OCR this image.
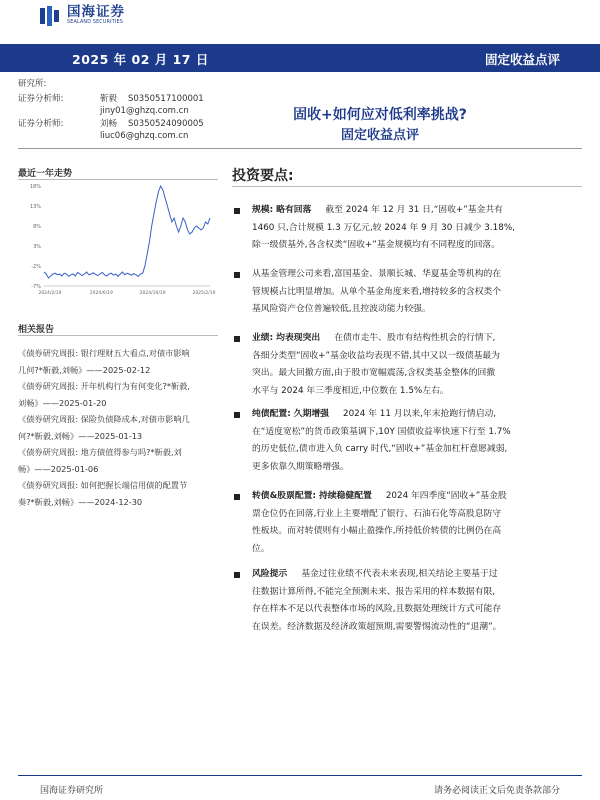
国海证券
SEALAND SECURITIES
2025 年 02 月 17 日	固定收益点评
研究所:
证券分析师:	靳毅 S0350517100001
jiny01@ghzq.com.cn
证券分析师:	刘畅 S0350524090005
liuc06@ghzq.com.cn
固收+如何应对低利率挑战?
固定收益点评
最近一年走势
18%
13%
8%
3%
-2%
-7%
2024/2/19	2024/6/19	2024/10/19	2025/2/19
相关报告
《债券研究周报: 银行理财五大看点,对债市影响
几何?*靳毅,刘畅》——2025-02-12
《债券研究周报: 开年机构行为有何变化?*靳毅,
刘畅》——2025-01-20
《债券研究周报: 保险负债降成本,对债市影响几
何?*靳毅,刘畅》——2025-01-13
《债券研究周报: 地方债值得参与吗?*靳毅,刘
畅》——2025-01-06
《债券研究周报: 如何把握长端信用债的配置节
奏?*靳毅,刘畅》——2024-12-30
投资要点:
规模: 略有回落 截至 2024 年 12 月 31 日,“固收+”基金共有
1460 只,合计规模 1.3 万亿元,较 2024 年 9 月 30 日减少 3.18%,
除一级债基外,各含权类“固收+”基金规模均有不同程度的回落。
从基金管理公司来看,富国基金、景顺长城、华夏基金等机构的在
管规模占比明显增加。从单个基金角度来看,增持较多的含权类个
基风险资产仓位普遍较低,且控波动能力较强。
业绩: 均表现突出 在债市走牛、股市有结构性机会的行情下,
各细分类型“固收+”基金收益均表现不错,其中又以一级债基最为
突出。最大回撤方面,由于股市宽幅震荡,含权类基金整体的回撤
水平与 2024 年三季度相近,中位数在 1.5%左右。
纯债配置: 久期增强 2024 年 11 月以来,年末抢跑行情启动,
在“适度宽松”的货币政策基调下,10Y 国债收益率快速下行至 1.7%
的历史低位,债市进入负 carry 时代,“固收+”基金加杠杆意愿减弱,
更多依靠久期策略增强。
转债&股票配置: 持续稳健配置 2024 年四季度“固收+”基金股
票仓位仍在回落,行业上主要增配了银行、石油石化等高股息防守
性板块。而对转债则有小幅止盈操作,所持低价转债的比例仍在高
位。
风险提示 基金过往业绩不代表未来表现,相关结论主要基于过
往数据计算所得,不能完全预测未来、报告采用的样本数据有限,
存在样本不足以代表整体市场的风险,且数据处理统计方式可能存
在误差。经济数据及经济政策超预期,需要警惕流动性的“退潮”。
国海证券研究所	请务必阅读正文后免责条款部分
